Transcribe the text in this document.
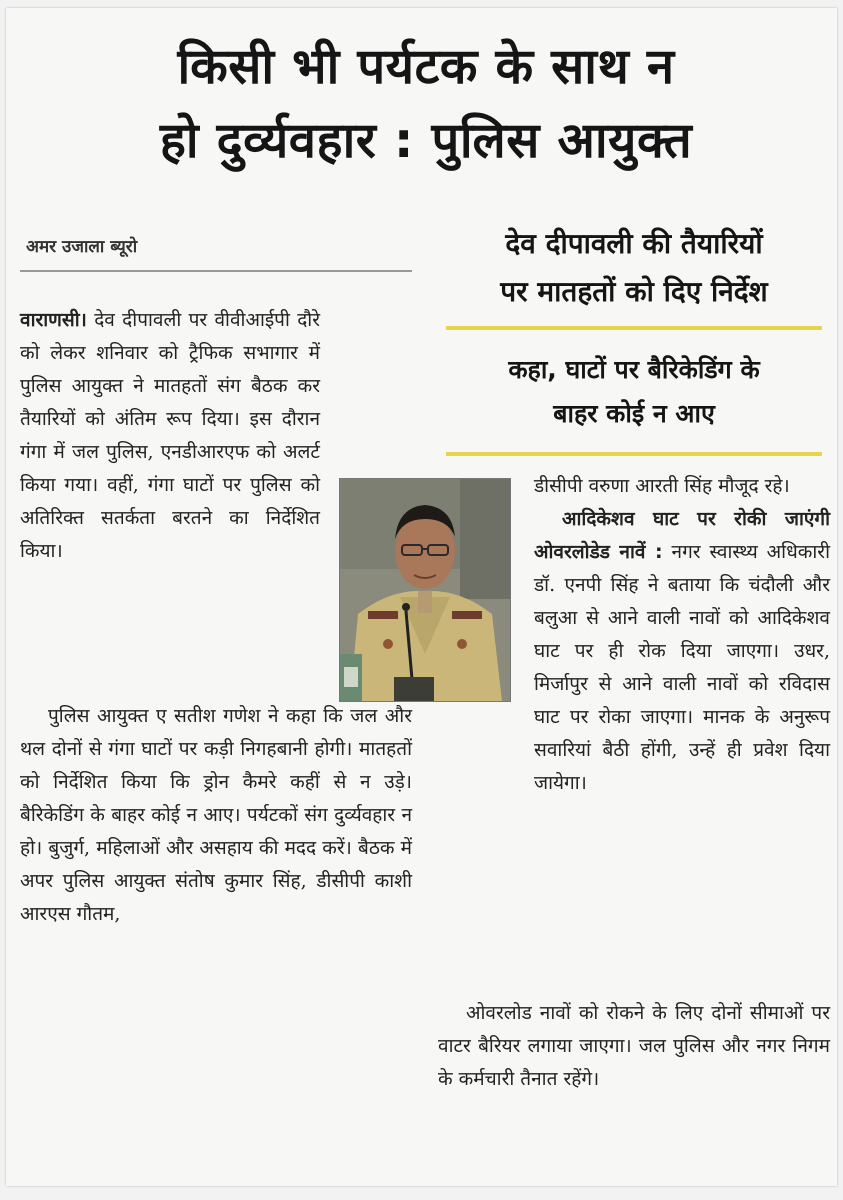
किसी भी पर्यटक के साथ न
हो दुर्व्यवहार : पुलिस आयुक्त
अमर उजाला ब्यूरो	देव दीपावली की तैयारियों
पर मातहतों को दिए निर्देश
कहा, घाटों पर बैरिकेडिंग के
बाहर कोई न आए

वाराणसी। देव दीपावली पर वीवीआईपी दौरे को लेकर शनिवार को ट्रैफिक सभागार में पुलिस आयुक्त ने मातहतों संग बैठक कर तैयारियों को अंतिम रूप दिया। इस दौरान गंगा में जल पुलिस, एनडीआरएफ को अलर्ट किया गया। वहीं, गंगा घाटों पर पुलिस को अतिरिक्त सतर्कता बरतने का निर्देशित किया।

पुलिस आयुक्त ए सतीश गणेश ने कहा कि जल और थल दोनों से गंगा घाटों पर कड़ी निगहबानी होगी। मातहतों को निर्देशित किया कि ड्रोन कैमरे कहीं से न उड़े। बैरिकेडिंग के बाहर कोई न आए। पर्यटकों संग दुर्व्यवहार न हो। बुजुर्ग, महिलाओं और असहाय की मदद करें। बैठक में अपर पुलिस आयुक्त संतोष कुमार सिंह, डीसीपी काशी आरएस गौतम,

डीसीपी वरुणा आरती सिंह मौजूद रहे।

आदिकेशव घाट पर रोकी जाएंगी ओवरलोडेड नावें : नगर स्वास्थ्य अधिकारी डॉ. एनपी सिंह ने बताया कि चंदौली और बलुआ से आने वाली नावों को आदिकेशव घाट पर ही रोक दिया जाएगा। उधर, मिर्जापुर से आने वाली नावों को रविदास घाट पर रोका जाएगा। मानक के अनुरूप सवारियां बैठी होंगी, उन्हें ही प्रवेश दिया जायेगा।

ओवरलोड नावों को रोकने के लिए दोनों सीमाओं पर वाटर बैरियर लगाया जाएगा। जल पुलिस और नगर निगम के कर्मचारी तैनात रहेंगे।
